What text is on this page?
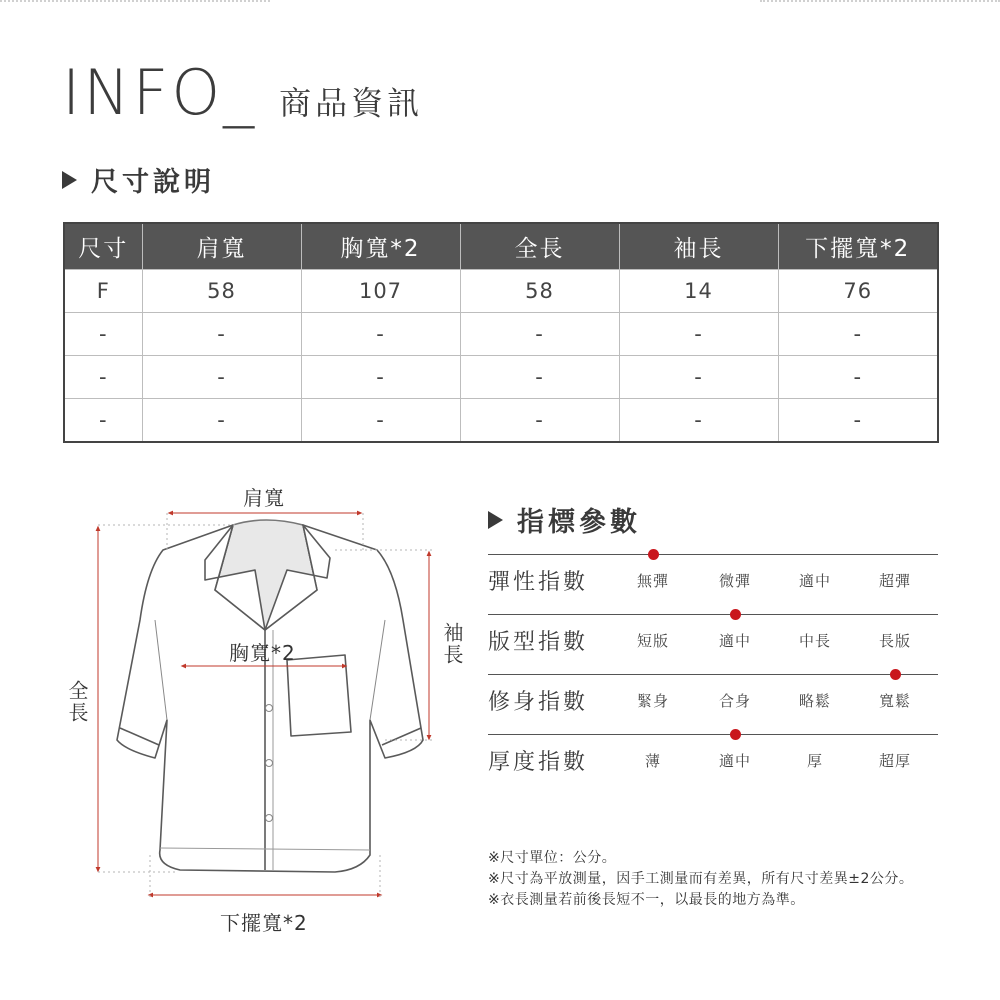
INFO_ 商品資訊
尺寸說明
尺寸	肩寬	胸寬*2	全長	袖長	下擺寬*2
F	58	107	58	14	76
-	-	-	-	-	-
-	-	-	-	-	-
-	-	-	-	-	-
肩寬
胸寬*2	袖長
全長
下擺寬*2
指標參數
彈性指數	無彈	微彈	適中	超彈
版型指數	短版	適中	中長	長版
修身指數	緊身	合身	略鬆	寬鬆
厚度指數	薄	適中	厚	超厚
※尺寸單位：公分。
※尺寸為平放測量，因手工測量而有差異，所有尺寸差異±2公分。
※衣長測量若前後長短不一，以最長的地方為準。
